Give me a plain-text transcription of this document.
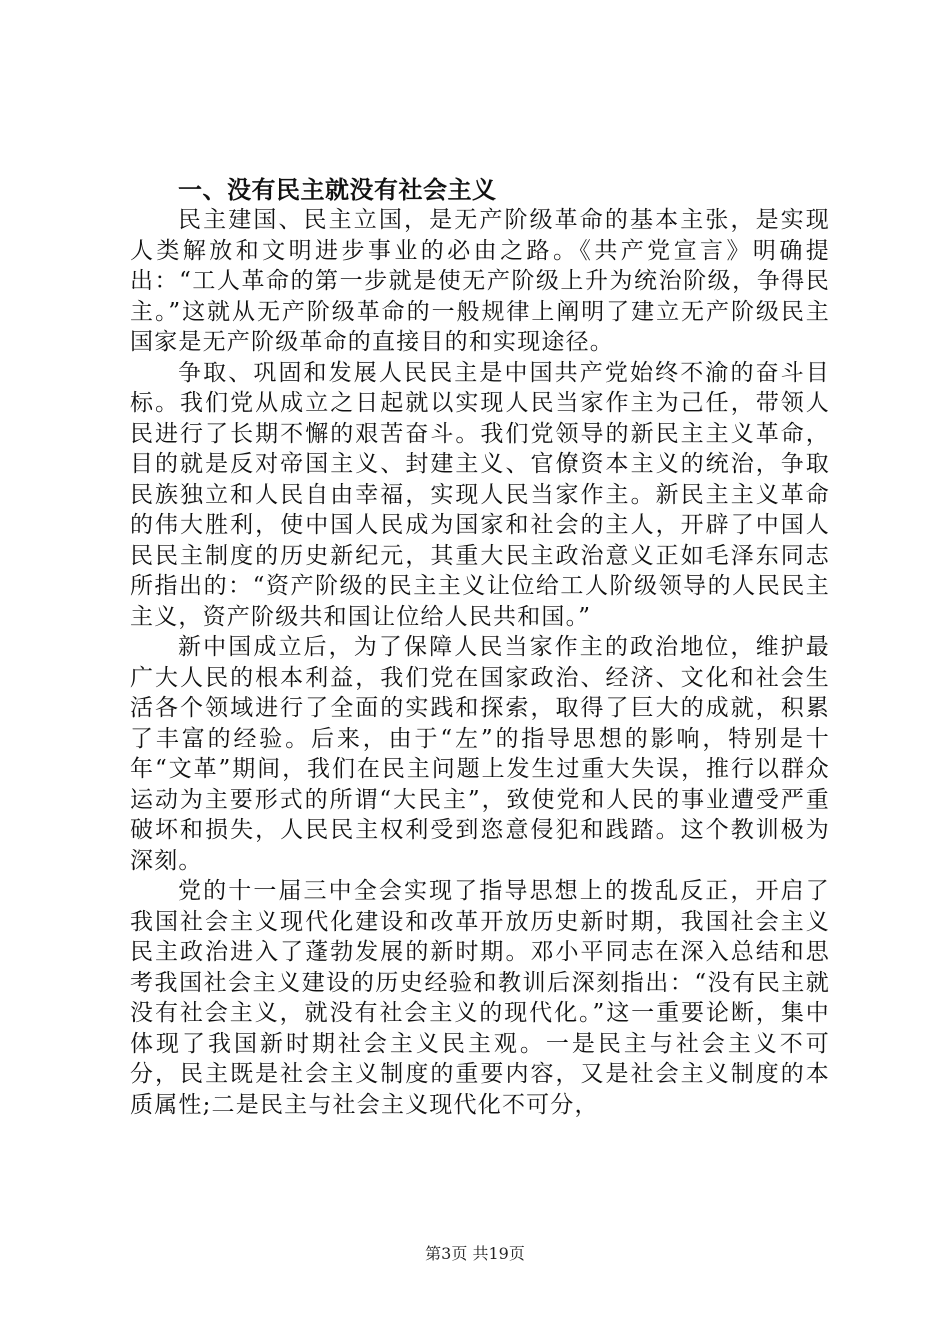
一、没有民主就没有社会主义

民主建国、民主立国，是无产阶级革命的基本主张，是实现人类解放和文明进步事业的必由之路。《共产党宣言》明确提出：“工人革命的第一步就是使无产阶级上升为统治阶级，争得民主。”这就从无产阶级革命的一般规律上阐明了建立无产阶级民主国家是无产阶级革命的直接目的和实现途径。

争取、巩固和发展人民民主是中国共产党始终不渝的奋斗目标。我们党从成立之日起就以实现人民当家作主为己任，带领人民进行了长期不懈的艰苦奋斗。我们党领导的新民主主义革命，目的就是反对帝国主义、封建主义、官僚资本主义的统治，争取民族独立和人民自由幸福，实现人民当家作主。新民主主义革命的伟大胜利，使中国人民成为国家和社会的主人，开辟了中国人民民主制度的历史新纪元，其重大民主政治意义正如毛泽东同志所指出的：“资产阶级的民主主义让位给工人阶级领导的人民民主主义，资产阶级共和国让位给人民共和国。”

新中国成立后，为了保障人民当家作主的政治地位，维护最广大人民的根本利益，我们党在国家政治、经济、文化和社会生活各个领域进行了全面的实践和探索，取得了巨大的成就，积累了丰富的经验。后来，由于“左”的指导思想的影响，特别是十年“文革”期间，我们在民主问题上发生过重大失误，推行以群众运动为主要形式的所谓“大民主”，致使党和人民的事业遭受严重破坏和损失，人民民主权利受到恣意侵犯和践踏。这个教训极为深刻。

党的十一届三中全会实现了指导思想上的拨乱反正，开启了我国社会主义现代化建设和改革开放历史新时期，我国社会主义民主政治进入了蓬勃发展的新时期。邓小平同志在深入总结和思考我国社会主义建设的历史经验和教训后深刻指出：“没有民主就没有社会主义，就没有社会主义的现代化。”这一重要论断，集中体现了我国新时期社会主义民主观。一是民主与社会主义不可分，民主既是社会主义制度的重要内容，又是社会主义制度的本质属性;二是民主与社会主义现代化不可分，

第3页 共19页
